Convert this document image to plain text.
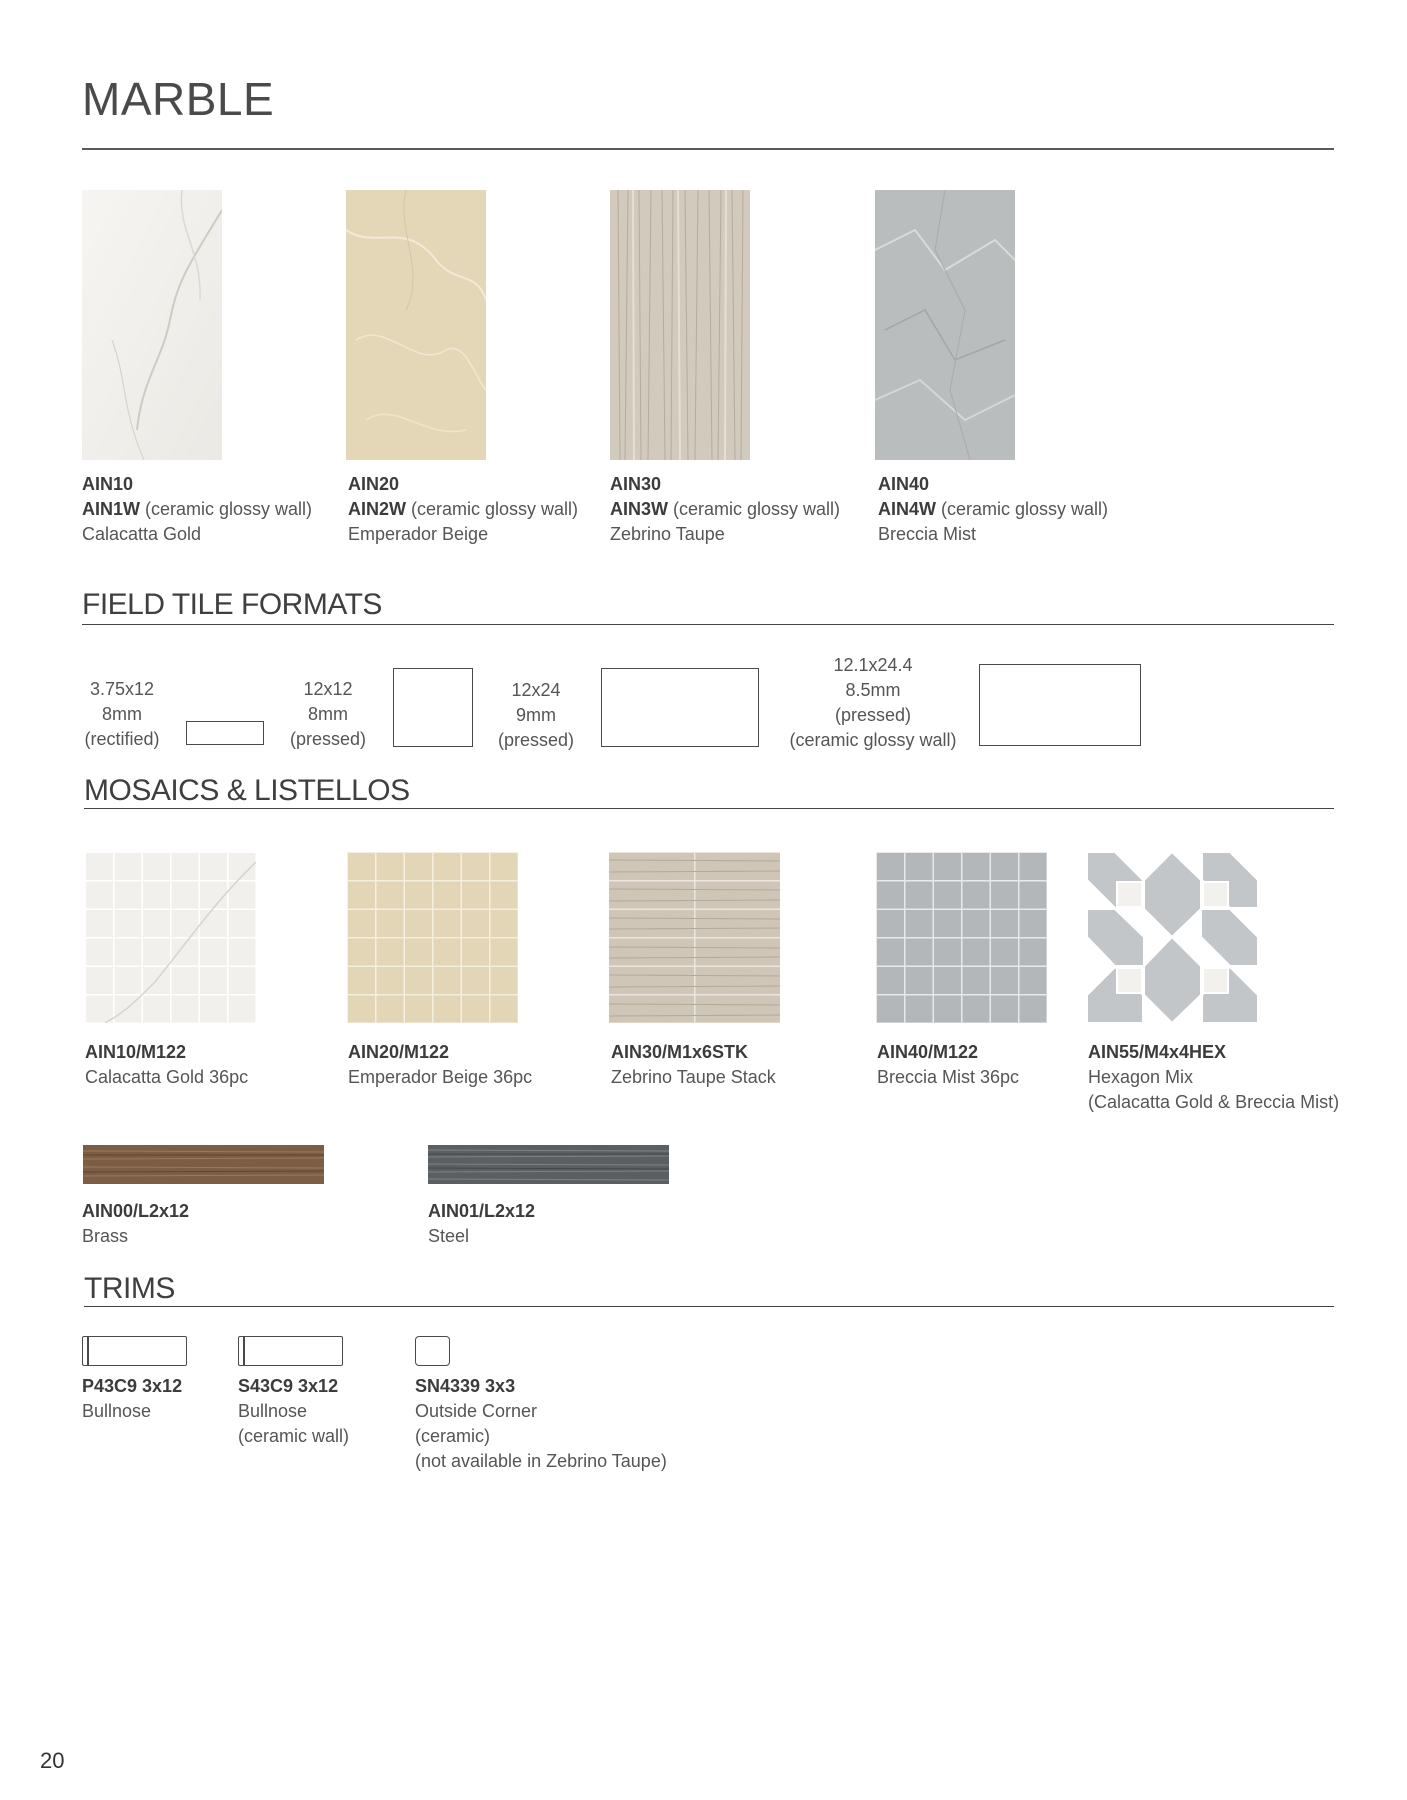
MARBLE
AIN10
AIN1W (ceramic glossy wall)
Calacatta Gold
AIN20
AIN2W (ceramic glossy wall)
Emperador Beige
AIN30
AIN3W (ceramic glossy wall)
Zebrino Taupe
AIN40
AIN4W (ceramic glossy wall)
Breccia Mist
FIELD TILE FORMATS
3.75x12
8mm
(rectified)
12x12
8mm
(pressed)
12x24
9mm
(pressed)
12.1x24.4
8.5mm
(pressed)
(ceramic glossy wall)
MOSAICS & LISTELLOS
AIN10/M122
Calacatta Gold 36pc
AIN20/M122
Emperador Beige 36pc
AIN30/M1x6STK
Zebrino Taupe Stack
AIN40/M122
Breccia Mist 36pc
AIN55/M4x4HEX
Hexagon Mix
(Calacatta Gold & Breccia Mist)
AIN00/L2x12
Brass
AIN01/L2x12
Steel
TRIMS
P43C9 3x12
Bullnose
S43C9 3x12
Bullnose
(ceramic wall)
SN4339 3x3
Outside Corner
(ceramic)
(not available in Zebrino Taupe)
20
